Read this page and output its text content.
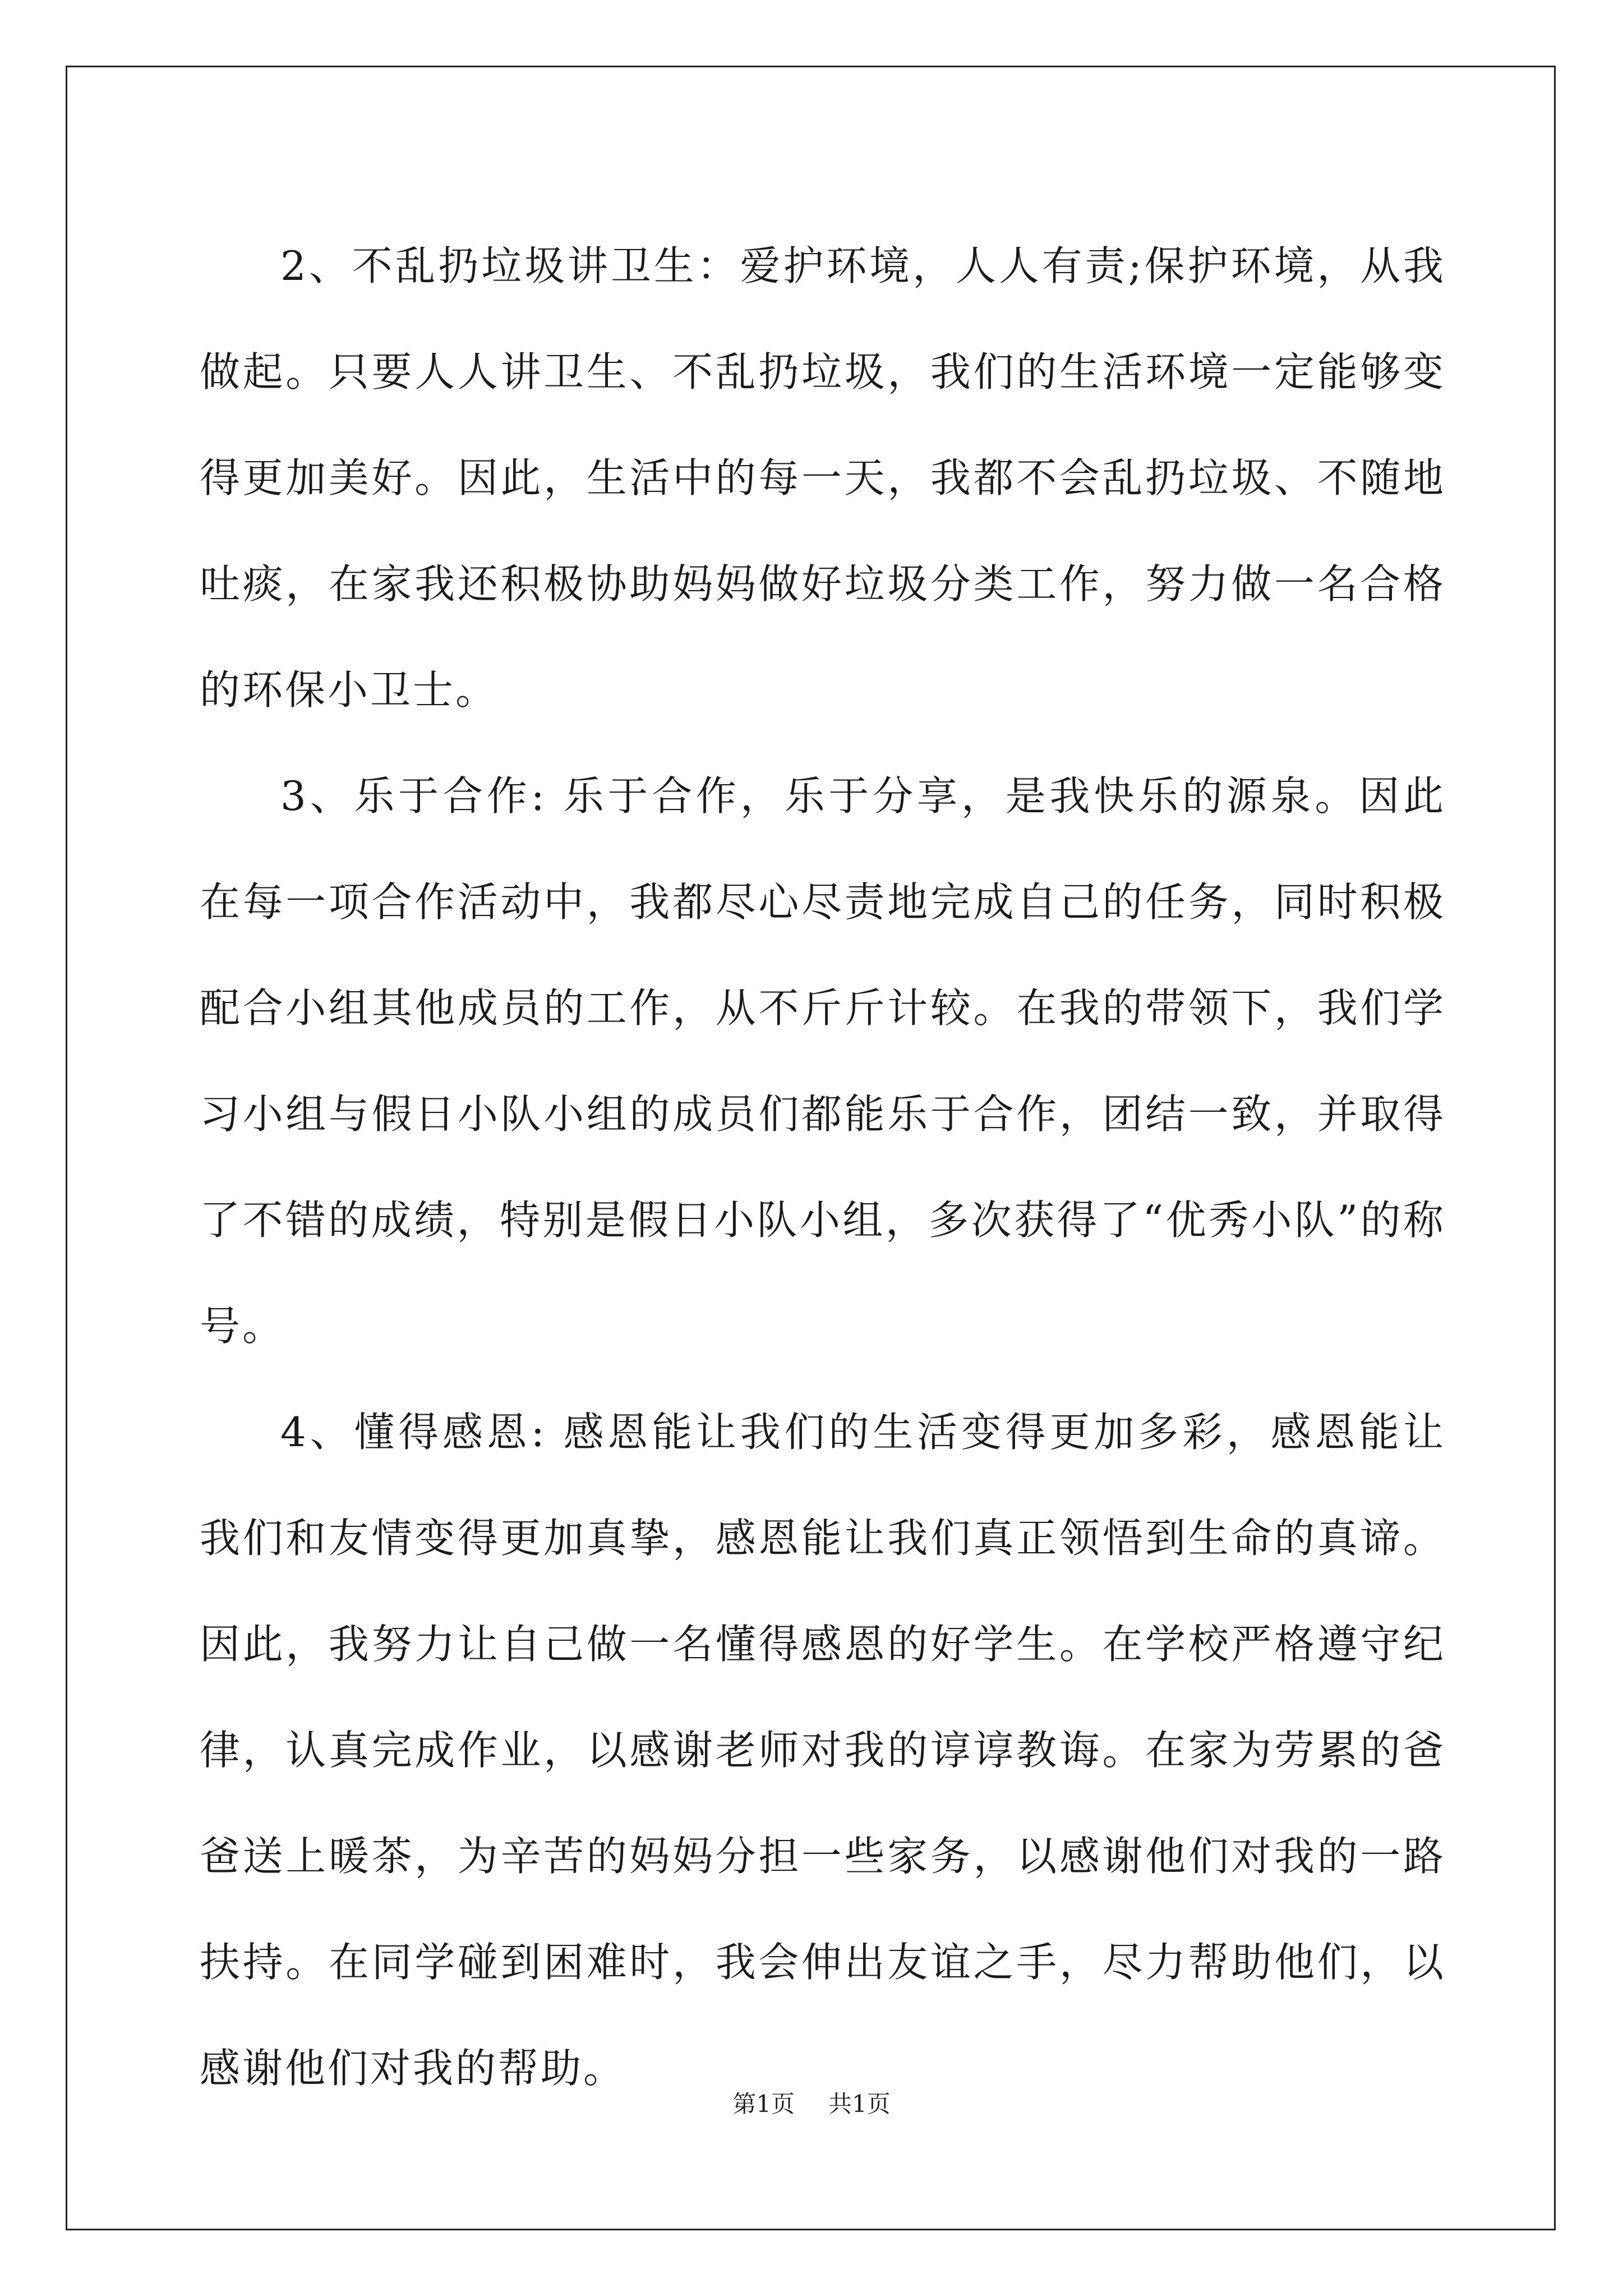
2、不乱扔垃圾讲卫生：爱护环境，人人有责;保护环境，从我做起。只要人人讲卫生、不乱扔垃圾，我们的生活环境一定能够变得更加美好。因此，生活中的每一天，我都不会乱扔垃圾、不随地吐痰，在家我还积极协助妈妈做好垃圾分类工作，努力做一名合格的环保小卫士。

3、乐于合作: 乐于合作，乐于分享，是我快乐的源泉。因此在每一项合作活动中，我都尽心尽责地完成自己的任务，同时积极配合小组其他成员的工作，从不斤斤计较。在我的带领下，我们学习小组与假日小队小组的成员们都能乐于合作，团结一致，并取得了不错的成绩，特别是假日小队小组，多次获得了“优秀小队”的称号。

4、懂得感恩: 感恩能让我们的生活变得更加多彩，感恩能让我们和友情变得更加真挚，感恩能让我们真正领悟到生命的真谛。因此，我努力让自己做一名懂得感恩的好学生。在学校严格遵守纪律，认真完成作业，以感谢老师对我的谆谆教诲。在家为劳累的爸爸送上暖茶，为辛苦的妈妈分担一些家务，以感谢他们对我的一路扶持。在同学碰到困难时，我会伸出友谊之手，尽力帮助他们，以感谢他们对我的帮助。

第1页 共1页
